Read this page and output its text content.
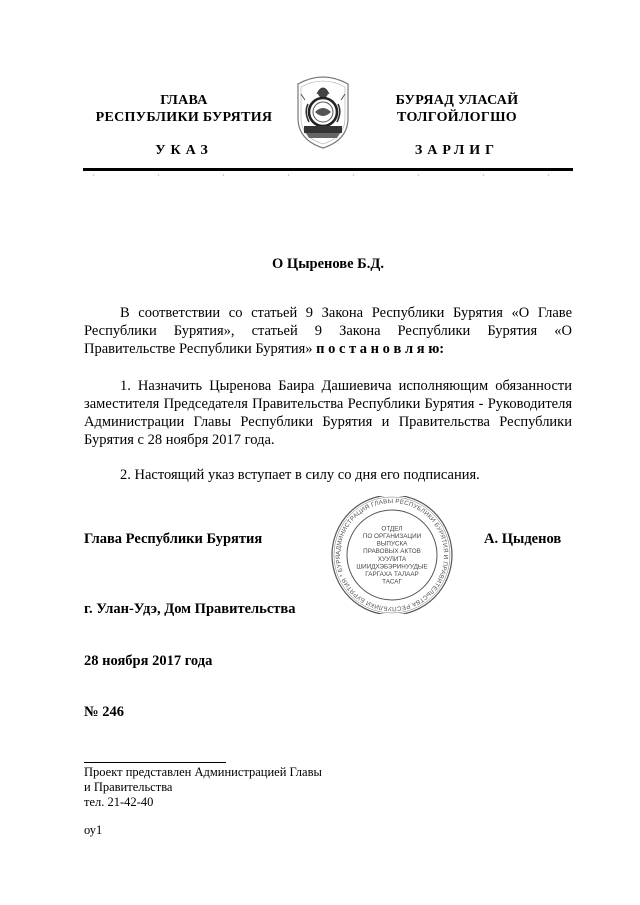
ГЛАВА
РЕСПУБЛИКИ БУРЯТИЯ
УКАЗ
БУРЯАД УЛАСАЙ
ТОЛГОЙЛОГШО
ЗАРЛИГ
О Цыренове Б.Д.

В соответствии со статьей 9 Закона Республики Бурятия «О Главе Республики Бурятия», статьей 9 Закона Республики Бурятия «О Правительстве Республики Бурятия» п о с т а н о в л я ю:

1. Назначить Цыренова Баира Дашиевича исполняющим обязанности заместителя Председателя Правительства Республики Бурятия - Руководителя Администрации Главы Республики Бурятия и Правительства Республики Бурятия с 28 ноября 2017 года.

2. Настоящий указ вступает в силу со дня его подписания.

Глава Республики Бурятия	А. Цыденов
г. Улан-Удэ, Дом Правительства
28 ноября 2017 года
№ 246
АДМИНИСТРАЦИЯ ГЛАВЫ РЕСПУБЛИКИ БУРЯТИЯ И ПРАВИТЕЛЬСТВА РЕСПУБЛИКИ БУРЯТИЯ * БУРЯ
ОТДЕЛ
ПО ОРГАНИЗАЦИИ
ВЫПУСКА
ПРАВОВЫХ АКТОВ
ХУУЛИТА
ШИИДХЭБЭРИНУУДЫЕ
ГАРГАХА ТАЛААР
ТАСАГ
Проект представлен Администрацией Главы
и Правительства
тел. 21-42-40
оу1
